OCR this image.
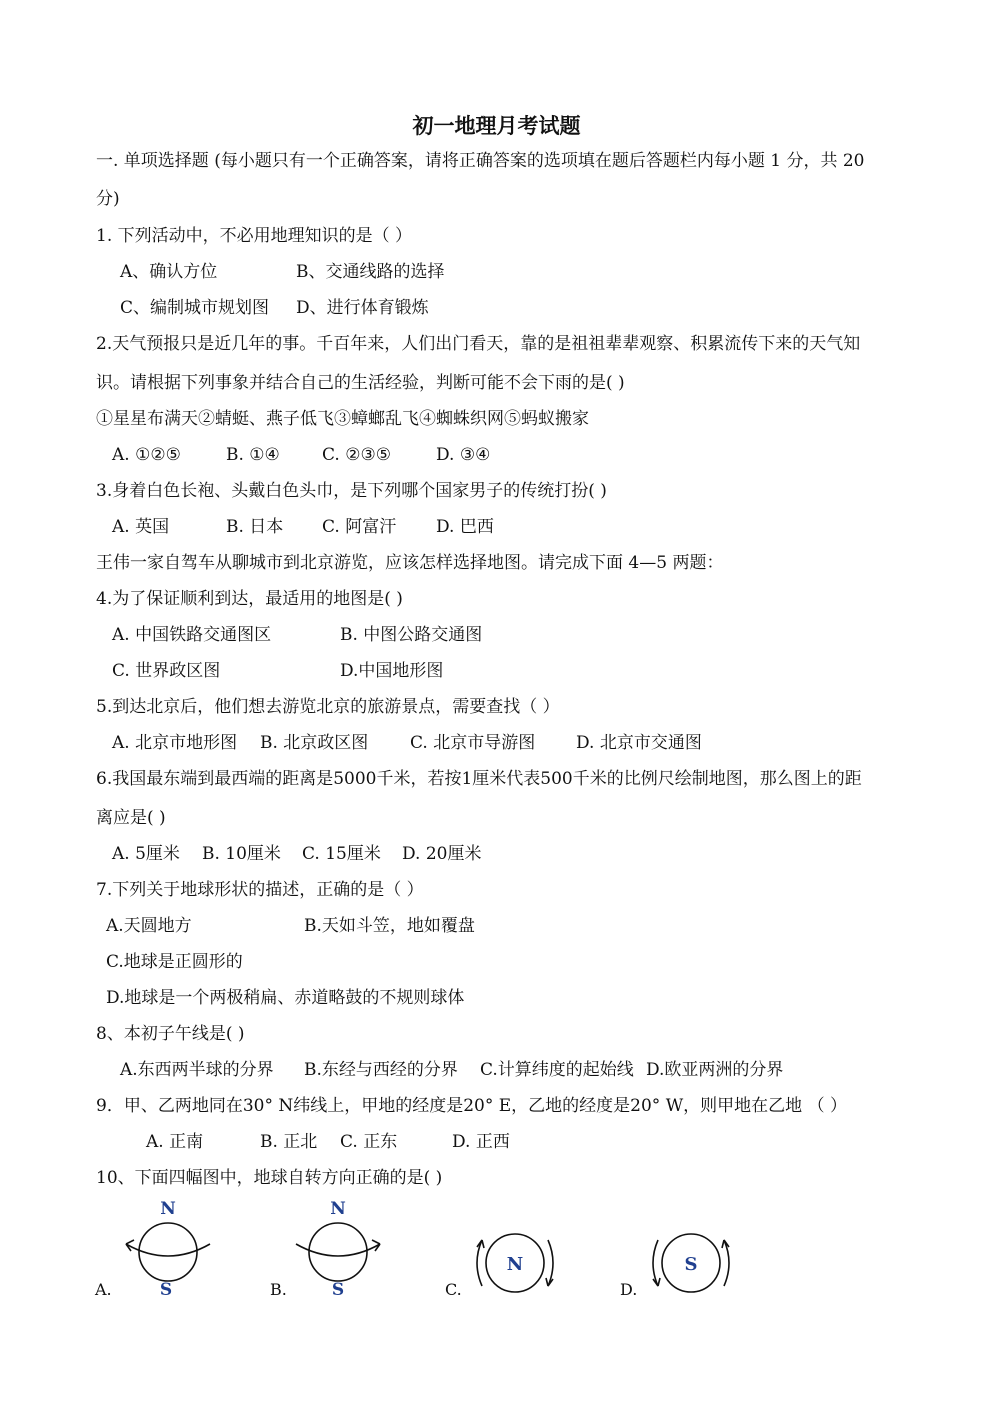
初一地理月考试题
一. 单项选择题 (每小题只有一个正确答案，请将正确答案的选项填在题后答题栏内每小题 1 分，共 20
分)
1. 下列活动中，不必用地理知识的是（ ）
A、确认方位	B、交通线路的选择
C、编制城市规划图 D、进行体育锻炼
2.天气预报只是近几年的事。千百年来，人们出门看天，靠的是祖祖辈辈观察、积累流传下来的天气知
识。请根据下列事象并结合自己的生活经验，判断可能不会下雨的是( )
①星星布满天②蜻蜓、燕子低飞③蟑螂乱飞④蜘蛛织网⑤蚂蚁搬家
A. ①②⑤	B. ①④ C. ②③⑤	D. ③④
3.身着白色长袍、头戴白色头巾，是下列哪个国家男子的传统打扮( )
A. 英国	B. 日本 C. 阿富汗 D. 巴西
王伟一家自驾车从聊城市到北京游览，应该怎样选择地图。请完成下面 4—5 两题：
4.为了保证顺利到达，最适用的地图是( )
A. 中国铁路交通图区	B. 中图公路交通图
C. 世界政区图	D.中国地形图
5.到达北京后，他们想去游览北京的旅游景点，需要查找（ ）
A. 北京市地形图 B. 北京政区图 C. 北京市导游图 D. 北京市交通图
6.我国最东端到最西端的距离是5000千米，若按1厘米代表500千米的比例尺绘制地图，那么图上的距
离应是( )
A. 5厘米 B. 10厘米 C. 15厘米 D. 20厘米
7.下列关于地球形状的描述，正确的是（ ）
A.天圆地方	B.天如斗笠，地如覆盘
C.地球是正圆形的
D.地球是一个两极稍扁、赤道略鼓的不规则球体
8、本初子午线是( )
A.东西两半球的分界 B.东经与西经的分界 C.计算纬度的起始线 D.欧亚两洲的分界
9．甲、乙两地同在30° N纬线上，甲地的经度是20° E，乙地的经度是20° W，则甲地在乙地 （ ）
A. 正南	B. 正北 C. 正东	D. 正西
10、下面四幅图中，地球自转方向正确的是( )
A.
N
S	B.
N
S	C.
N
D.
S
